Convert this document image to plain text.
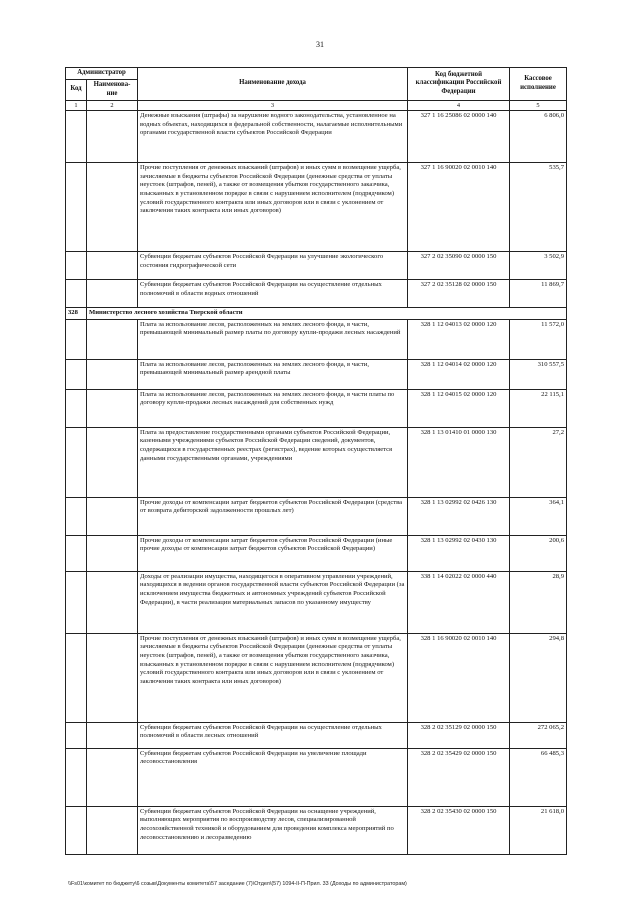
31
Администратор		Наименование дохода	Код бюджетной классификации Российской Федерации	Кассовое исполнение
Код	Наименова-ние			
1	2	3	4	5
		Денежные взыскания (штрафы) за нарушение водного законодательства, установленное на водных объектах, находящихся в федеральной собственности, налагаемые исполнительными органами государственной власти субъектов Российской Федерации	327 1 16 25086 02 0000 140	6 806,0
		Прочие поступления от денежных взысканий (штрафов) и иных сумм в возмещение ущерба, зачисляемые в бюджеты субъектов Российской Федерации (денежные средства от уплаты неустоек (штрафов, пеней), а также от возмещения убытков государственного заказчика, взысканных в установленном порядке в связи с нарушением исполнителем (подрядчиком) условий государственного контракта или иных договоров или в связи с уклонением от заключения таких контракта или иных договоров)	327 1 16 90020 02 0010 140	535,7
		Субвенции бюджетам субъектов Российской Федерации на улучшение экологического состояния гидрографической сети	327 2 02 35090 02 0000 150	3 502,9
		Субвенции бюджетам субъектов Российской Федерации на осуществление отдельных полномочий в области водных отношений	327 2 02 35128 02 0000 150	11 869,7
328	Министерство лесного хозяйства Тверской области			
		Плата за использование лесов, расположенных на землях лесного фонда, в части, превышающей минимальный размер платы по договору купли-продажи лесных насаждений	328 1 12 04013 02 0000 120	11 572,0
		Плата за использование лесов, расположенных на землях лесного фонда, в части, превышающей минимальный размер арендной платы	328 1 12 04014 02 0000 120	310 557,5
		Плата за использование лесов, расположенных на землях лесного фонда, в части платы по договору купли-продажи лесных насаждений для собственных нужд	328 1 12 04015 02 0000 120	22 115,1
		Плата за предоставление государственными органами субъектов Российской Федерации, казенными учреждениями субъектов Российской Федерации сведений, документов, содержащихся в государственных реестрах (регистрах), ведение которых осуществляется данными государственными органами, учреждениями	328 1 13 01410 01 0000 130	27,2
		Прочие доходы от компенсации затрат бюджетов субъектов Российской Федерации (средства от возврата дебиторской задолженности прошлых лет)	328 1 13 02992 02 0426 130	364,1
		Прочие доходы от компенсации затрат бюджетов субъектов Российской Федерации (иные прочие доходы от компенсации затрат бюджетов субъектов Российской Федерации)	328 1 13 02992 02 0430 130	200,6
		Доходы от реализации имущества, находящегося в оперативном управлении учреждений, находящихся в ведении органов государственной власти субъектов Российской Федерации (за исключением имущества бюджетных и автономных учреждений субъектов Российской Федерации), в части реализации материальных запасов по указанному имуществу	338 1 14 02022 02 0000 440	28,9
		Прочие поступления от денежных взысканий (штрафов) и иных сумм в возмещение ущерба, зачисляемые в бюджеты субъектов Российской Федерации (денежные средства от уплаты неустоек (штрафов, пеней), а также от возмещения убытков государственного заказчика, взысканных в установленном порядке в связи с нарушением исполнителем (подрядчиком) условий государственного контракта или иных договоров или в связи с уклонением от заключения таких контракта или иных договоров)	328 1 16 90020 02 0010 140	294,8
		Субвенции бюджетам субъектов Российской Федерации на осуществление отдельных полномочий в области лесных отношений	328 2 02 35129 02 0000 150	272 065,2
		Субвенции бюджетам субъектов Российской Федерации на увеличение площади лесовосстановления	328 2 02 35429 02 0000 150	66 485,3
		Субвенции бюджетам субъектов Российской Федерации на оснащение учреждений, выполняющих мероприятия по воспроизводству лесов, специализированной лесохозяйственной техникой и оборудованием для проведения комплекса мероприятий по лесовосстановлению и лесоразведению	328 2 02 35430 02 0000 150	21 618,0
\\Fs01\комитет по бюджету\6 созыв\Документы комитета\57 заседание (7)\Отдел\(57) 1094-II-П-Прил. 33 (Доходы по администраторам)
